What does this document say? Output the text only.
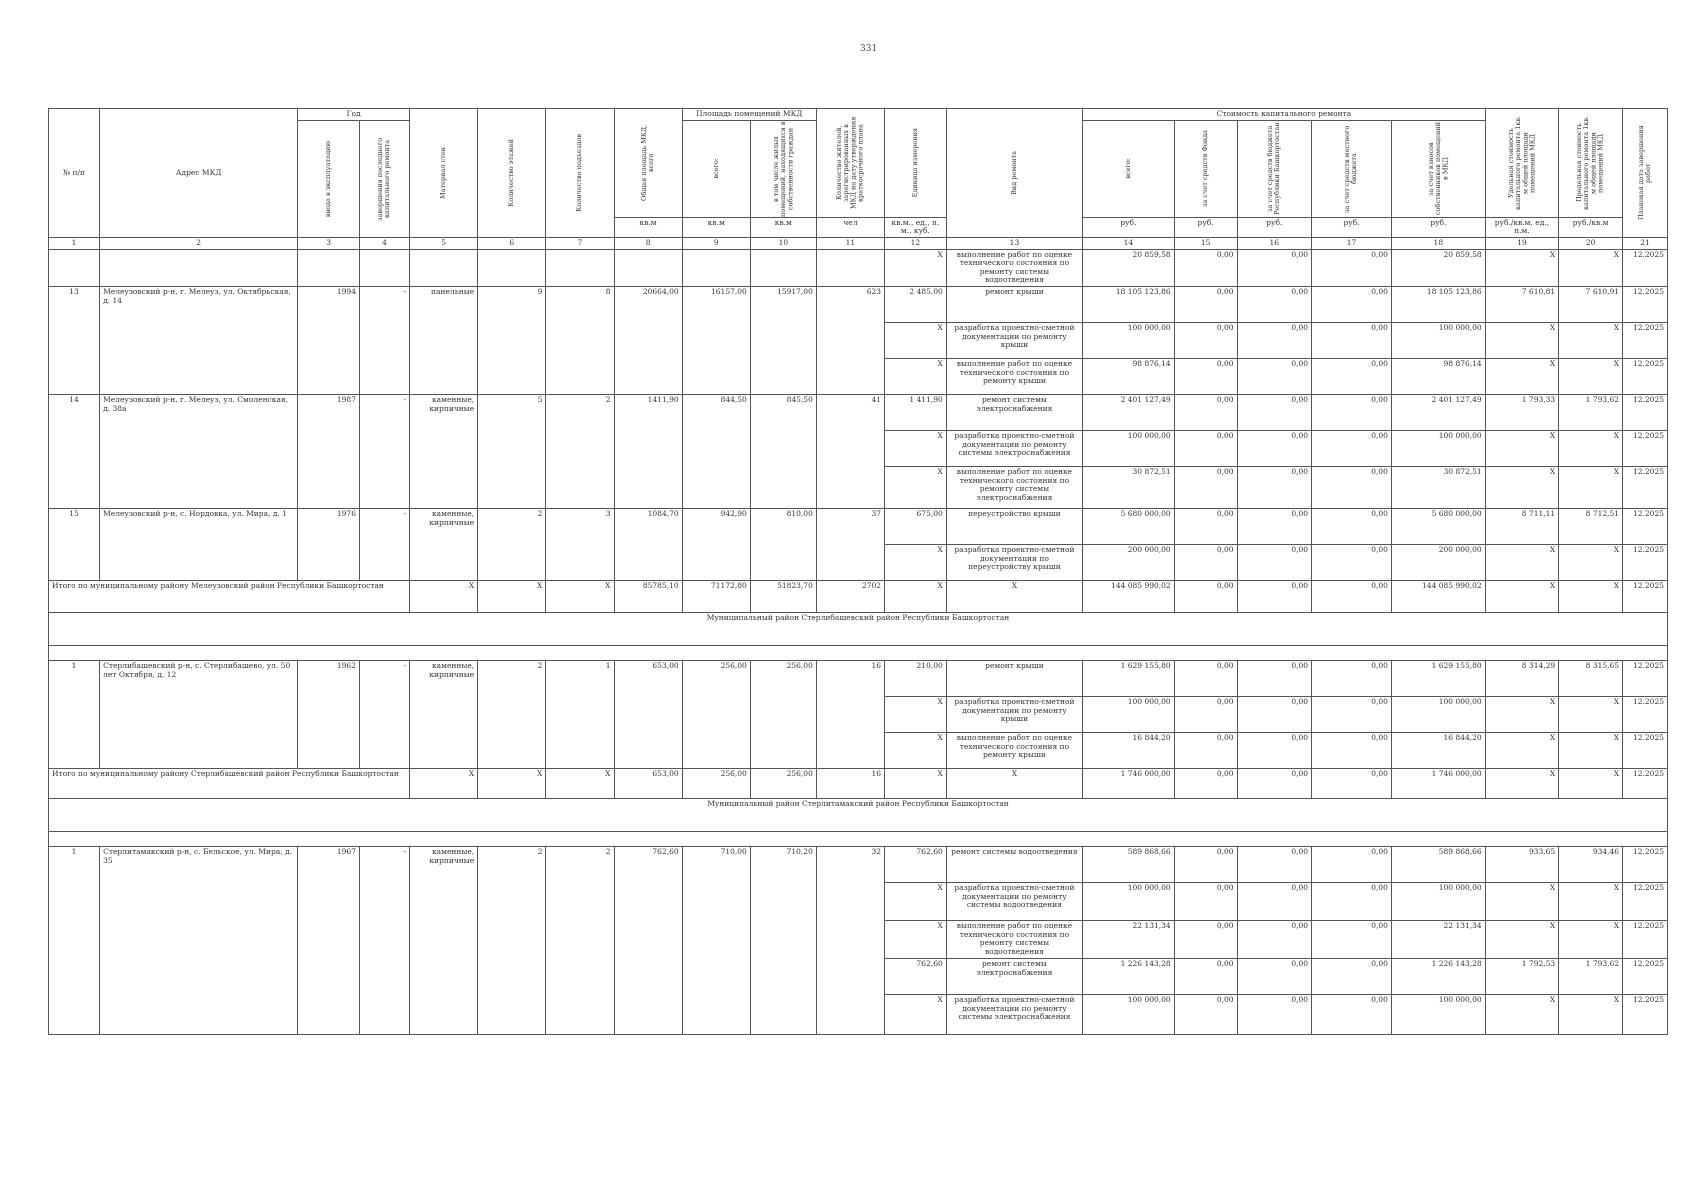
331
№ п/п	Адрес МКД	Год		Материал стен	Количество этажей	Количество подъездов	Общая площадь МКД, всего	Площадь помещений МКД		Количество жителей, зарегистрированных в МКД на дату утверждения краткосрочного плана	Единица измерения	Вид ремонта	Стоимость капитального ремонта					Удельная стоимость капитального ремонта 1кв. м общей площади помещений МКД	Предельная стоимость капитального ремонта 1кв. м общей площади помещений МКД	Плановая дата завершения работ

		ввода в эксплуатацию	завершения последнего капитального ремонта					всего:	в том числе жилых помещений, находящихся в собственности граждан				всего:	за счет средств Фонда	за счет средств бюджета Республики Башкортостан	за счет средств местного бюджета	за счет взносов собственников помещений в МКД			

							кв.м	кв.м	кв.м	чел	кв.м., ед., п. м., куб.		руб.	руб.	руб.	руб.	руб.	руб./кв.м, ед., п.м.	руб./кв.м	
1	2	3	4	5	6	7	8	9	10	11	12	13	14	15	16	17	18	19	20	21
											X	выполнение работ по оценке технического состояния по ремонту системы водоотведения	20 859,58	0,00	0,00	0,00	20 859,58	X	X	12.2025
13	Мелеузовский р-н, г. Мелеуз, ул. Октябрьская, д. 14	1994	-	панельные	9	8	20664,00	16157,00	15917,00	623	2 485,00	ремонт крыши	18 105 123,86	0,00	0,00	0,00	18 105 123,86	7 610,81	7 610,91	12.2025
											X	разработка проектно-сметной документации по ремонту крыши	100 000,00	0,00	0,00	0,00	100 000,00	X	X	12.2025
											X	выполнение работ по оценке технического состояния по ремонту крыши	98 876,14	0,00	0,00	0,00	98 876,14	X	X	12.2025
14	Мелеузовский р-н, г. Мелеуз, ул. Смоленская, д. 38а	1987	-	каменные, кирпичные	5	2	1411,90	844,50	845,50	41	1 411,90	ремонт системы электроснабжения	2 401 127,49	0,00	0,00	0,00	2 401 127,49	1 793,33	1 793,62	12.2025
											X	разработка проектно-сметной документации по ремонту системы электроснабжения	100 000,00	0,00	0,00	0,00	100 000,00	X	X	12.2025
											X	выполнение работ по оценке технического состояния по ремонту системы электроснабжения	30 872,51	0,00	0,00	0,00	30 872,51	X	X	12.2025
15	Мелеузовский р-н, с. Нордовка, ул. Мира, д. 1	1976	-	каменные, кирпичные	2	3	1084,70	942,90	810,00	37	675,00	переустройство крыши	5 680 000,00	0,00	0,00	0,00	5 680 000,00	8 711,11	8 712,51	12.2025
											X	разработка проектно-сметной документации по переустройству крыши	200 000,00	0,00	0,00	0,00	200 000,00	X	X	12.2025
Итого по муниципальному району Мелеузовский район Республики Башкортостан				X	X	X	85785,10	71172,80	51823,70	2702	X	X	144 085 990,02	0,00	0,00	0,00	144 085 990,02	X	X	12.2025
Муниципальный район Стерлибашевский район Республики Башкортостан																				

1	Стерлибашевский р-н, с. Стерлибашево, ул. 50 лет Октября, д. 12	1962	-	каменные, кирпичные	2	1	653,00	256,00	256,00	16	210,00	ремонт крыши	1 629 155,80	0,00	0,00	0,00	1 629 155,80	8 314,29	8 315,65	12.2025
											X	разработка проектно-сметной документации по ремонту крыши	100 000,00	0,00	0,00	0,00	100 000,00	X	X	12.2025
											X	выполнение работ по оценке технического состояния по ремонту крыши	16 844,20	0,00	0,00	0,00	16 844,20	X	X	12.2025
Итого по муниципальному району Стерлибашевский район Республики Башкортостан				X	X	X	653,00	256,00	256,00	16	X	X	1 746 000,00	0,00	0,00	0,00	1 746 000,00	X	X	12.2025
Муниципальный район Стерлитамакский район Республики Башкортостан																				

1	Стерлитамакский р-н, с. Бельское, ул. Мира, д. 35	1967	-	каменные, кирпичные	2	2	762,60	710,00	710,20	32	762,60	ремонт системы водоотведения	589 868,66	0,00	0,00	0,00	589 868,66	933,65	934,46	12.2025
											X	разработка проектно-сметной документации по ремонту системы водоотведения	100 000,00	0,00	0,00	0,00	100 000,00	X	X	12.2025
											X	выполнение работ по оценке технического состояния по ремонту системы водоотведения	22 131,34	0,00	0,00	0,00	22 131,34	X	X	12.2025
											762,60	ремонт системы электроснабжения	1 226 143,28	0,00	0,00	0,00	1 226 143,28	1 792,53	1 793,62	12.2025
											X	разработка проектно-сметной документации по ремонту системы электроснабжения	100 000,00	0,00	0,00	0,00	100 000,00	X	X	12.2025
